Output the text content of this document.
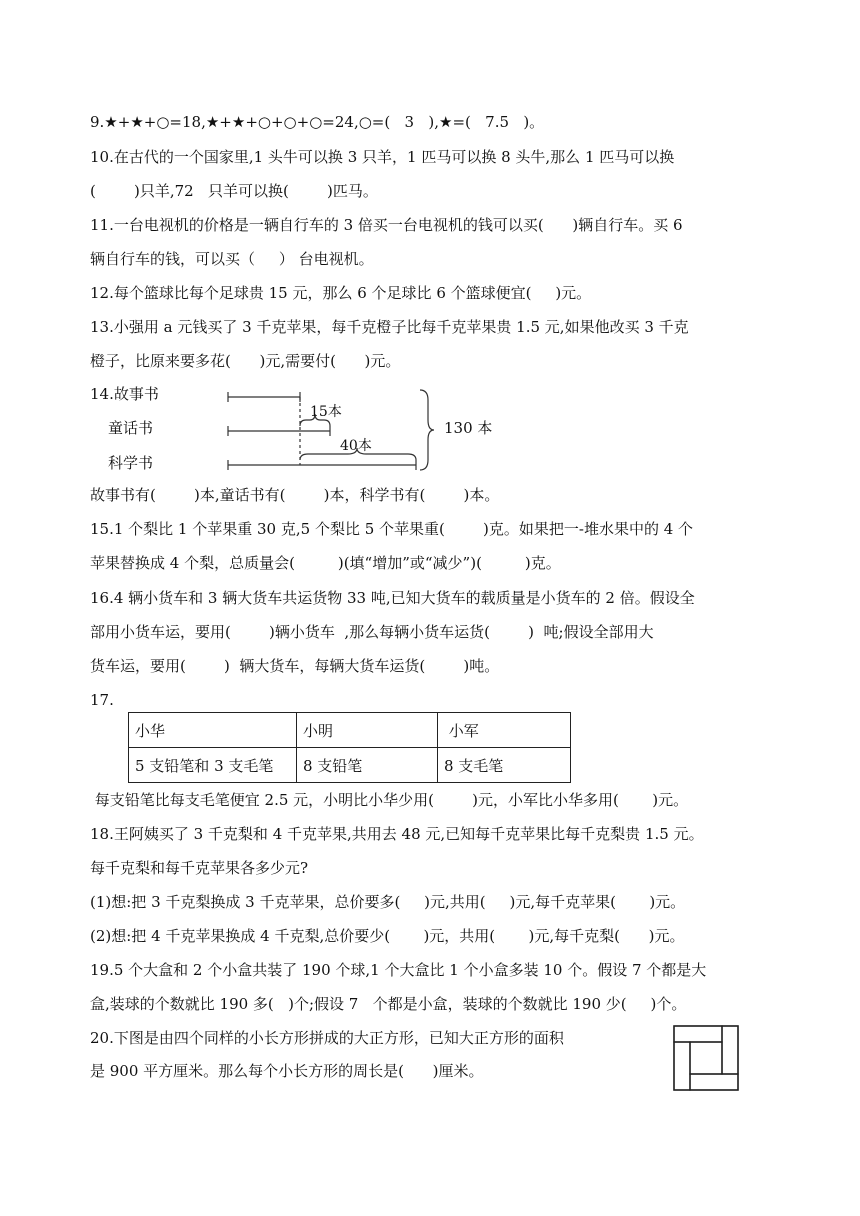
9.★+★+○=18,★+★+○+○+○=24,○=(   3   ),★=(   7.5   )。
10.在古代的一个国家里,1 头牛可以换 3 只羊，1 匹马可以换 8 头牛,那么 1 匹马可以换
(        )只羊,72   只羊可以换(        )匹马。
11.一台电视机的价格是一辆自行车的 3 倍买一台电视机的钱可以买(      )辆自行车。买 6
辆自行车的钱，可以买（     ） 台电视机。
12.每个篮球比每个足球贵 15 元，那么 6 个足球比 6 个篮球便宜(     )元。
13.小强用 a 元钱买了 3 千克苹果，每千克橙子比每千克苹果贵 1.5 元,如果他改买 3 千克
橙子，比原来要多花(      )元,需要付(      )元。
14.故事书
童话书
科学书
15本
40本
130 本
故事书有(        )本,童话书有(        )本，科学书有(        )本。
15.1 个梨比 1 个苹果重 30 克,5 个梨比 5 个苹果重(        )克。如果把一-堆水果中的 4 个
苹果替换成 4 个梨，总质量会(         )(填“增加”或“减少”)(         )克。
16.4 辆小货车和 3 辆大货车共运货物 33 吨,已知大货车的载质量是小货车的 2 倍。假设全
部用小货车运，要用(        )辆小货车  ,那么每辆小货车运货(        )  吨;假设全部用大
货车运，要用(        )  辆大货车，每辆大货车运货(        )吨。
17.
小华	小明	小军
5 支铅笔和 3 支毛笔	8 支铅笔	8 支毛笔
每支铅笔比每支毛笔便宜 2.5 元，小明比小华少用(        )元，小军比小华多用(       )元。
18.王阿姨买了 3 千克梨和 4 千克苹果,共用去 48 元,已知每千克苹果比每千克梨贵 1.5 元。
每千克梨和每千克苹果各多少元?
(1)想:把 3 千克梨换成 3 千克苹果，总价要多(     )元,共用(     )元,每千克苹果(       )元。
(2)想:把 4 千克苹果换成 4 千克梨,总价要少(       )元，共用(       )元,每千克梨(      )元。
19.5 个大盒和 2 个小盒共装了 190 个球,1 个大盒比 1 个小盒多装 10 个。假设 7 个都是大
盒,装球的个数就比 190 多(   )个;假设 7   个都是小盒，装球的个数就比 190 少(     )个。
20.下图是由四个同样的小长方形拼成的大正方形，已知大正方形的面积
是 900 平方厘米。那么每个小长方形的周长是(      )厘米。
